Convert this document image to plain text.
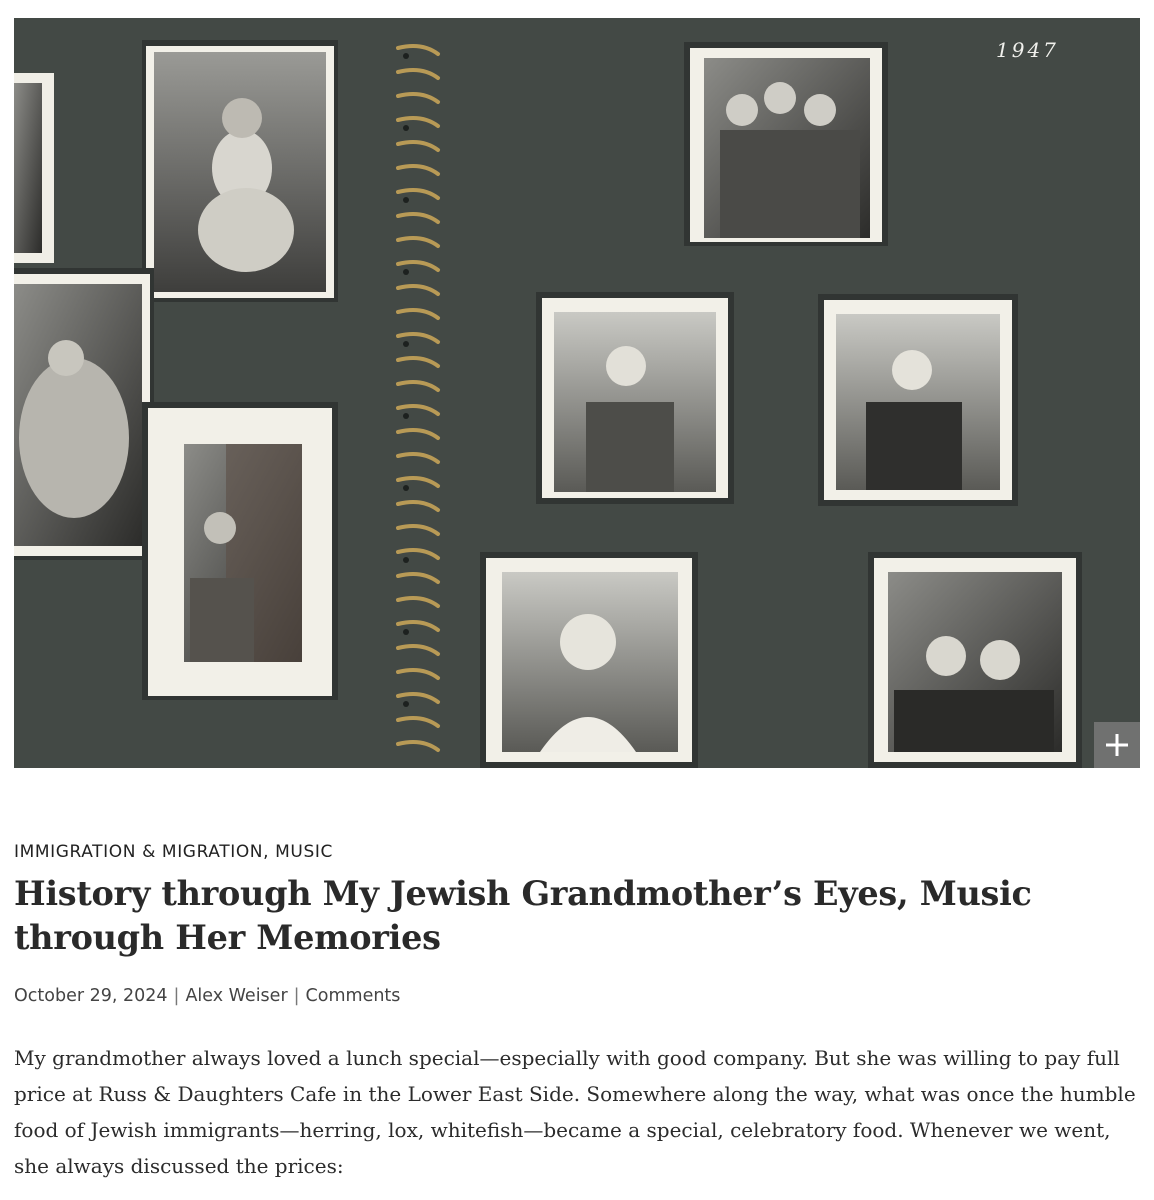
1947
IMMIGRATION & MIGRATION, MUSIC
History through My Jewish Grandmother’s Eyes, Music through Her Memories
October 29, 2024 | Alex Weiser | Comments

My grandmother always loved a lunch special—especially with good company. But she was willing to pay full price at Russ & Daughters Cafe in the Lower East Side. Somewhere along the way, what was once the humble food of Jewish immigrants—herring, lox, whitefish—became a special, celebratory food. Whenever we went, she always discussed the prices:
